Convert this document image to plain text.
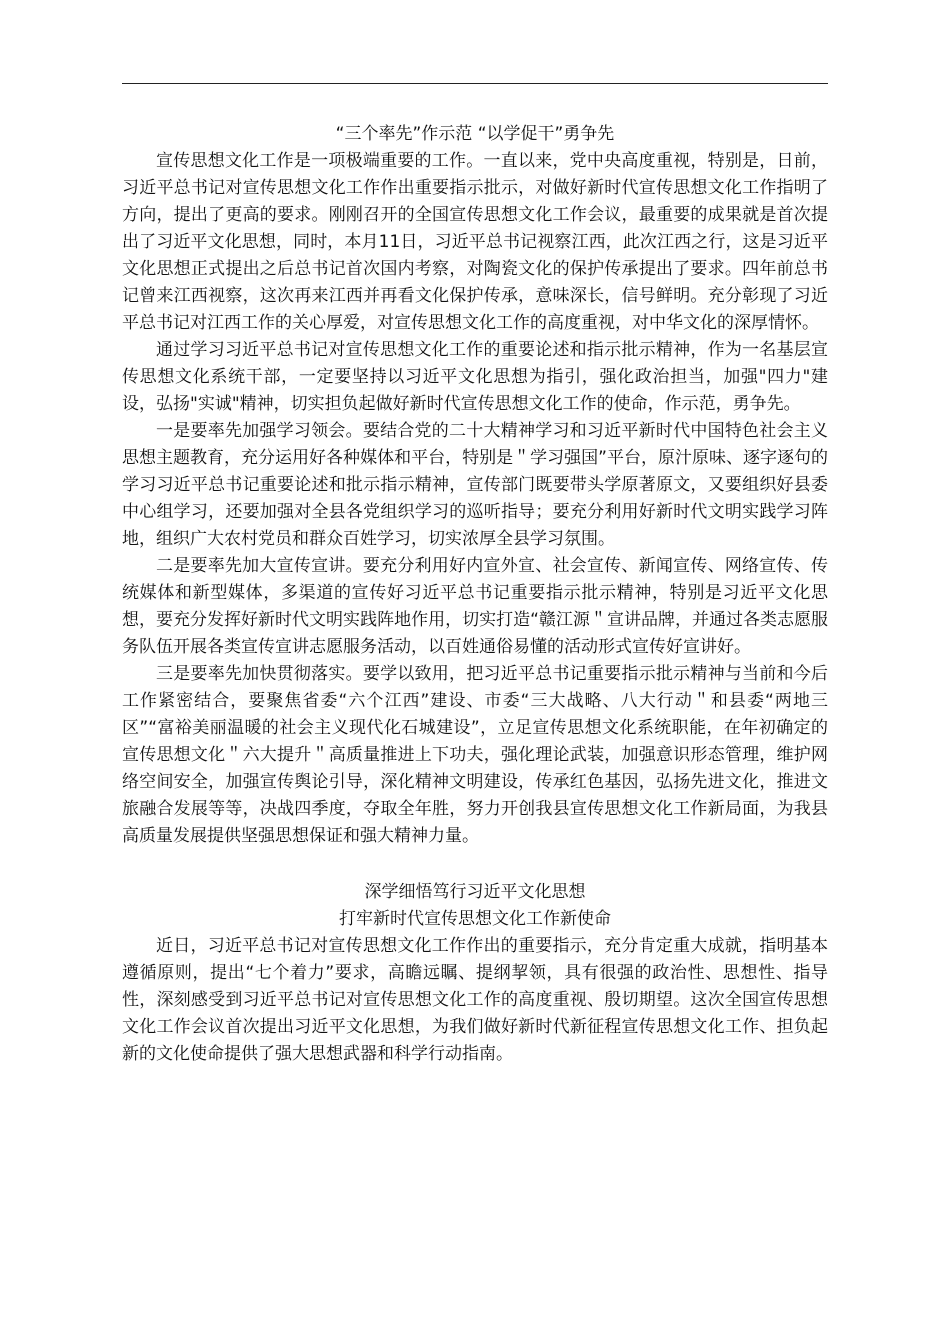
“三个率先”作示范 “以学促干”勇争先

宣传思想文化工作是一项极端重要的工作。一直以来，党中央高度重视，特别是，日前，习近平总书记对宣传思想文化工作作出重要指示批示，对做好新时代宣传思想文化工作指明了方向，提出了更高的要求。刚刚召开的全国宣传思想文化工作会议，最重要的成果就是首次提出了习近平文化思想，同时，本月11日，习近平总书记视察江西，此次江西之行，这是习近平文化思想正式提出之后总书记首次国内考察，对陶瓷文化的保护传承提出了要求。四年前总书记曾来江西视察，这次再来江西并再看文化保护传承，意味深长，信号鲜明。充分彰现了习近平总书记对江西工作的关心厚爱，对宣传思想文化工作的高度重视，对中华文化的深厚情怀。

通过学习习近平总书记对宣传思想文化工作的重要论述和指示批示精神，作为一名基层宣传思想文化系统干部，一定要坚持以习近平文化思想为指引，强化政治担当，加强"四力"建设，弘扬"实诚"精神，切实担负起做好新时代宣传思想文化工作的使命，作示范，勇争先。

一是要率先加强学习领会。要结合党的二十大精神学习和习近平新时代中国特色社会主义思想主题教育，充分运用好各种媒体和平台，特别是＂学习强国”平台，原汁原味、逐字逐句的学习习近平总书记重要论述和批示指示精神，宣传部门既要带头学原著原文，又要组织好县委中心组学习，还要加强对全县各党组织学习的巡听指导；要充分利用好新时代文明实践学习阵地，组织广大农村党员和群众百姓学习，切实浓厚全县学习氛围。

二是要率先加大宣传宣讲。要充分利用好内宣外宣、社会宣传、新闻宣传、网络宣传、传统媒体和新型媒体，多渠道的宣传好习近平总书记重要指示批示精神，特别是习近平文化思想，要充分发挥好新时代文明实践阵地作用，切实打造“赣江源＂宣讲品牌，并通过各类志愿服务队伍开展各类宣传宣讲志愿服务活动，以百姓通俗易懂的活动形式宣传好宣讲好。

三是要率先加快贯彻落实。要学以致用，把习近平总书记重要指示批示精神与当前和今后工作紧密结合，要聚焦省委“六个江西”建设、市委“三大战略、八大行动＂和县委“两地三区”“富裕美丽温暖的社会主义现代化石城建设”，立足宣传思想文化系统职能，在年初确定的宣传思想文化＂六大提升＂高质量推进上下功夫，强化理论武装，加强意识形态管理，维护网络空间安全，加强宣传舆论引导，深化精神文明建设，传承红色基因，弘扬先进文化，推进文旅融合发展等等，决战四季度，夺取全年胜，努力开创我县宣传思想文化工作新局面，为我县高质量发展提供坚强思想保证和强大精神力量。

深学细悟笃行习近平文化思想
打牢新时代宣传思想文化工作新使命

近日，习近平总书记对宣传思想文化工作作出的重要指示，充分肯定重大成就，指明基本遵循原则，提出“七个着力”要求，高瞻远瞩、提纲挈领，具有很强的政治性、思想性、指导性，深刻感受到习近平总书记对宣传思想文化工作的高度重视、殷切期望。这次全国宣传思想文化工作会议首次提出习近平文化思想，为我们做好新时代新征程宣传思想文化工作、担负起新的文化使命提供了强大思想武器和科学行动指南。
